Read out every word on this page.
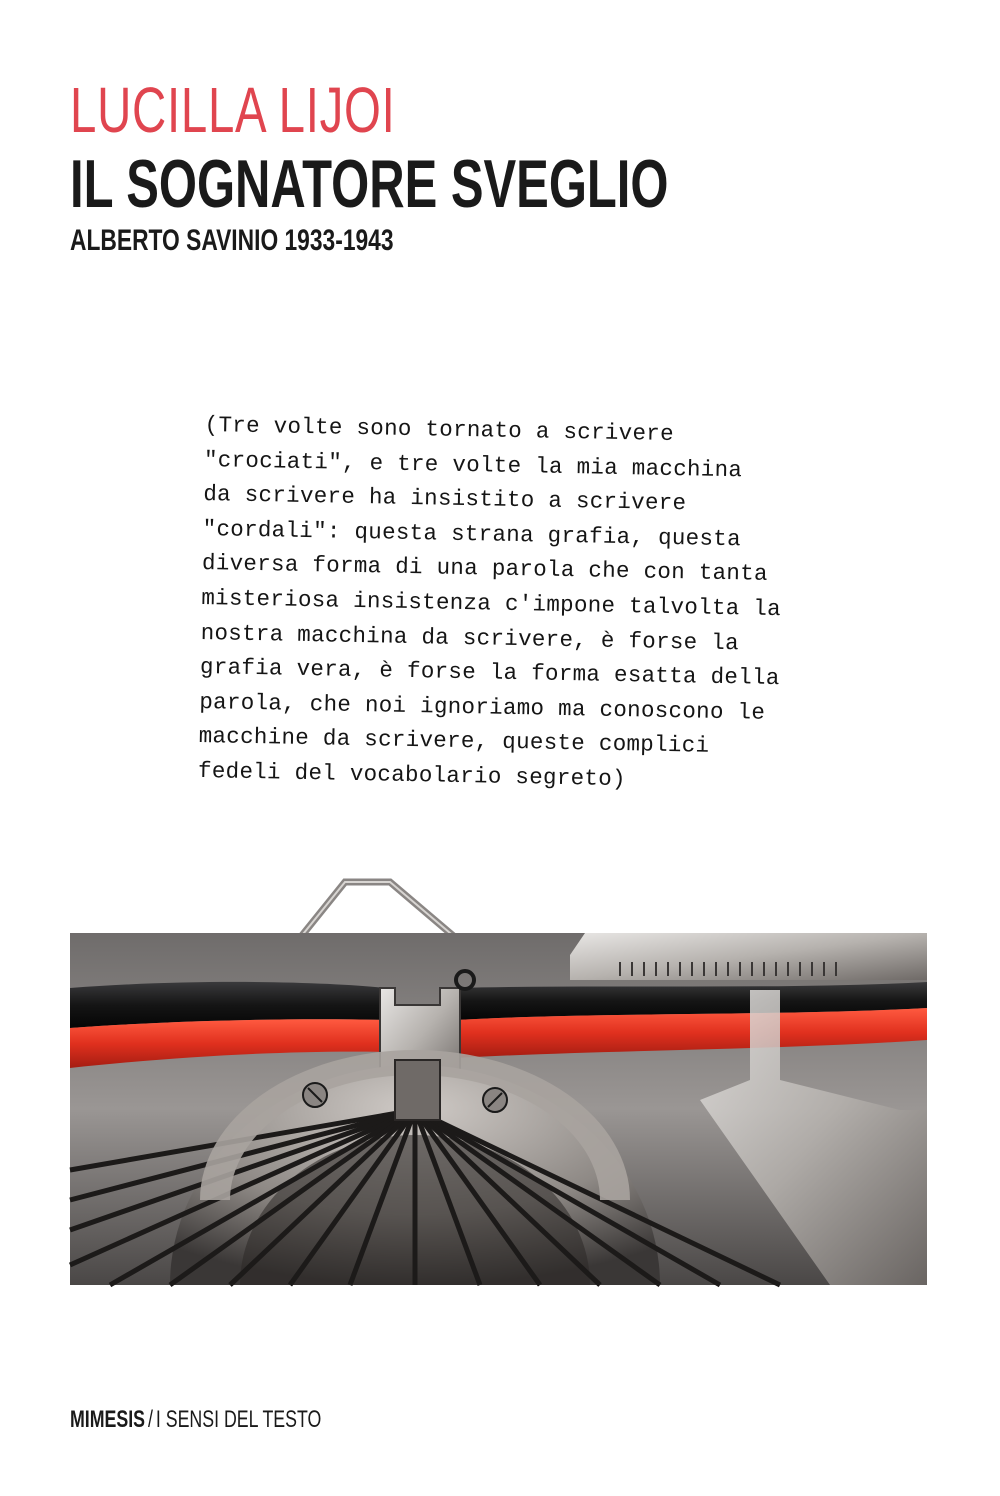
LUCILLA LIJOI
IL SOGNATORE SVEGLIO
ALBERTO SAVINIO 1933-1943
(Tre volte sono tornato a scrivere
"crociati", e tre volte la mia macchina
da scrivere ha insistito a scrivere
"cordali": questa strana grafia, questa
diversa forma di una parola che con tanta
misteriosa insistenza c'impone talvolta la
nostra macchina da scrivere, è forse la
grafia vera, è forse la forma esatta della
parola, che noi ignoriamo ma conoscono le
macchine da scrivere, queste complici
fedeli del vocabolario segreto)
MIMESIS / I SENSI DEL TESTO
